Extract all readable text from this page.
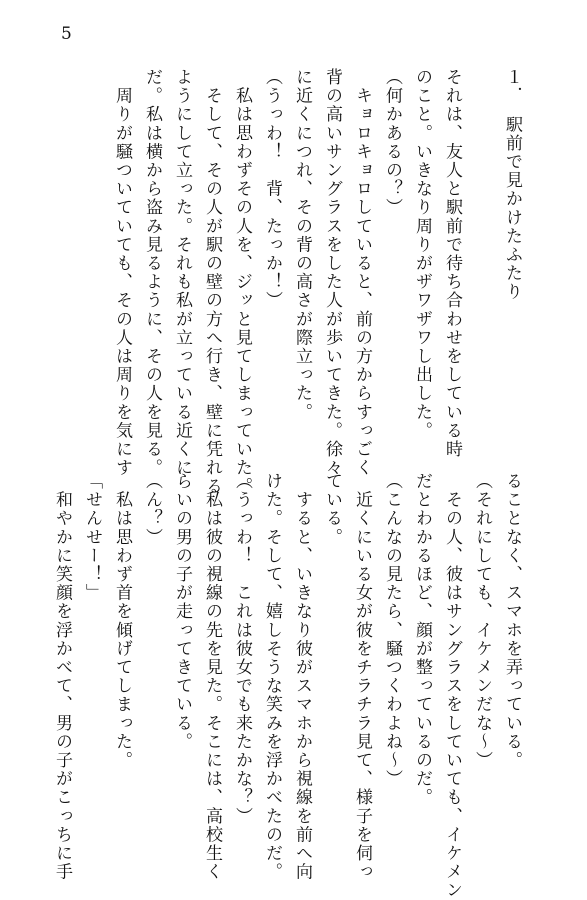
5
１．　駅前で見かけたふたり
それは、友人と駅前で待ち合わせをしている時
のこと。いきなり周りがザワザワし出した。
（何かあるの？）
　キョロキョロしていると、前の方からすっごく
背の高いサングラスをした人が歩いてきた。徐々
に近くにつれ、その背の高さが際立った。
（うっわ！　背、たっか！）
　私は思わずその人を、ジッと見てしまっていた。
　そして、その人が駅の壁の方へ行き、壁に凭れる
ようにして立った。それも私が立っている近くに
だ。私は横から盗み見るように、その人を見る。
　周りが騒ついていても、その人は周りを気にす
ることなく、スマホを弄っている。
（それにしても、イケメンだな～）
　その人、彼はサングラスをしていても、イケメン
だとわかるほど、顔が整っているのだ。
（こんなの見たら、騒つくわよね～）
　近くにいる女が彼をチラチラ見て、様子を伺っ
ている。
　すると、いきなり彼がスマホから視線を前へ向
けた。そして、嬉しそうな笑みを浮かべたのだ。
（うっわ！　これは彼女でも来たかな？）
　私は彼の視線の先を見た。そこには、高校生く
らいの男の子が走ってきている。
（ん？）
　私は思わず首を傾げてしまった。
「せんせー！」
　和やかに笑顔を浮かべて、男の子がこっちに手
